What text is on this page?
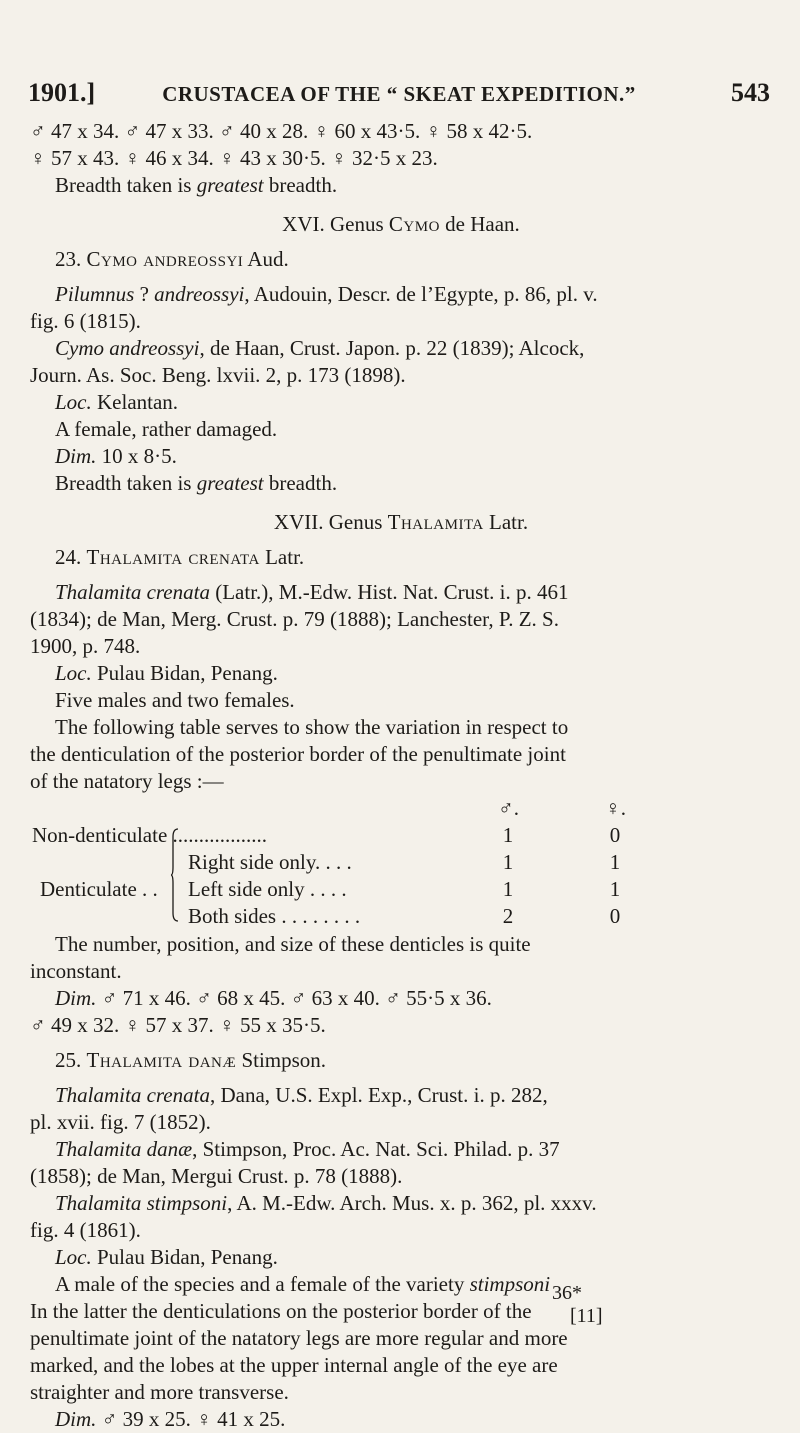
1901.]	CRUSTACEA OF THE “ SKEAT EXPEDITION.”	543
♂ 47 x 34. ♂ 47 x 33. ♂ 40 x 28. ♀ 60 x 43·5. ♀ 58 x 42·5.
♀ 57 x 43. ♀ 46 x 34. ♀ 43 x 30·5. ♀ 32·5 x 23.
Breadth taken is greatest breadth.
XVI. Genus Cymo de Haan.
23. Cymo andreossyi Aud.
Pilumnus ? andreossyi, Audouin, Descr. de l’Egypte, p. 86, pl. v.
fig. 6 (1815).
Cymo andreossyi, de Haan, Crust. Japon. p. 22 (1839); Alcock,
Journ. As. Soc. Beng. lxvii. 2, p. 173 (1898).
Loc. Kelantan.
A female, rather damaged.
Dim. 10 x 8·5.
Breadth taken is greatest breadth.
XVII. Genus Thalamita Latr.
24. Thalamita crenata Latr.
Thalamita crenata (Latr.), M.-Edw. Hist. Nat. Crust. i. p. 461
(1834); de Man, Merg. Crust. p. 79 (1888); Lanchester, P. Z. S.
1900, p. 748.
Loc. Pulau Bidan, Penang.
Five males and two females.
The following table serves to show the variation in respect to
the denticulation of the posterior border of the penultimate joint
of the natatory legs :—
♂.	♀.
Non-denticulate ..................	1	0
Denticulate . .
Right side only. . . .	1	1
Left side only . . . .	1	1
Both sides . . . . . . . .	2	0
The number, position, and size of these denticles is quite
inconstant.
Dim. ♂ 71 x 46. ♂ 68 x 45. ♂ 63 x 40. ♂ 55·5 x 36.
♂ 49 x 32. ♀ 57 x 37. ♀ 55 x 35·5.
25. Thalamita danæ Stimpson.
Thalamita crenata, Dana, U.S. Expl. Exp., Crust. i. p. 282,
pl. xvii. fig. 7 (1852).
Thalamita danæ, Stimpson, Proc. Ac. Nat. Sci. Philad. p. 37
(1858); de Man, Mergui Crust. p. 78 (1888).
Thalamita stimpsoni, A. M.-Edw. Arch. Mus. x. p. 362, pl. xxxv.
fig. 4 (1861).
Loc. Pulau Bidan, Penang.
A male of the species and a female of the variety stimpsoni
In the latter the denticulations on the posterior border of the
penultimate joint of the natatory legs are more regular and more
marked, and the lobes at the upper internal angle of the eye are
straighter and more transverse.
Dim. ♂ 39 x 25. ♀ 41 x 25.
36*
[11]
